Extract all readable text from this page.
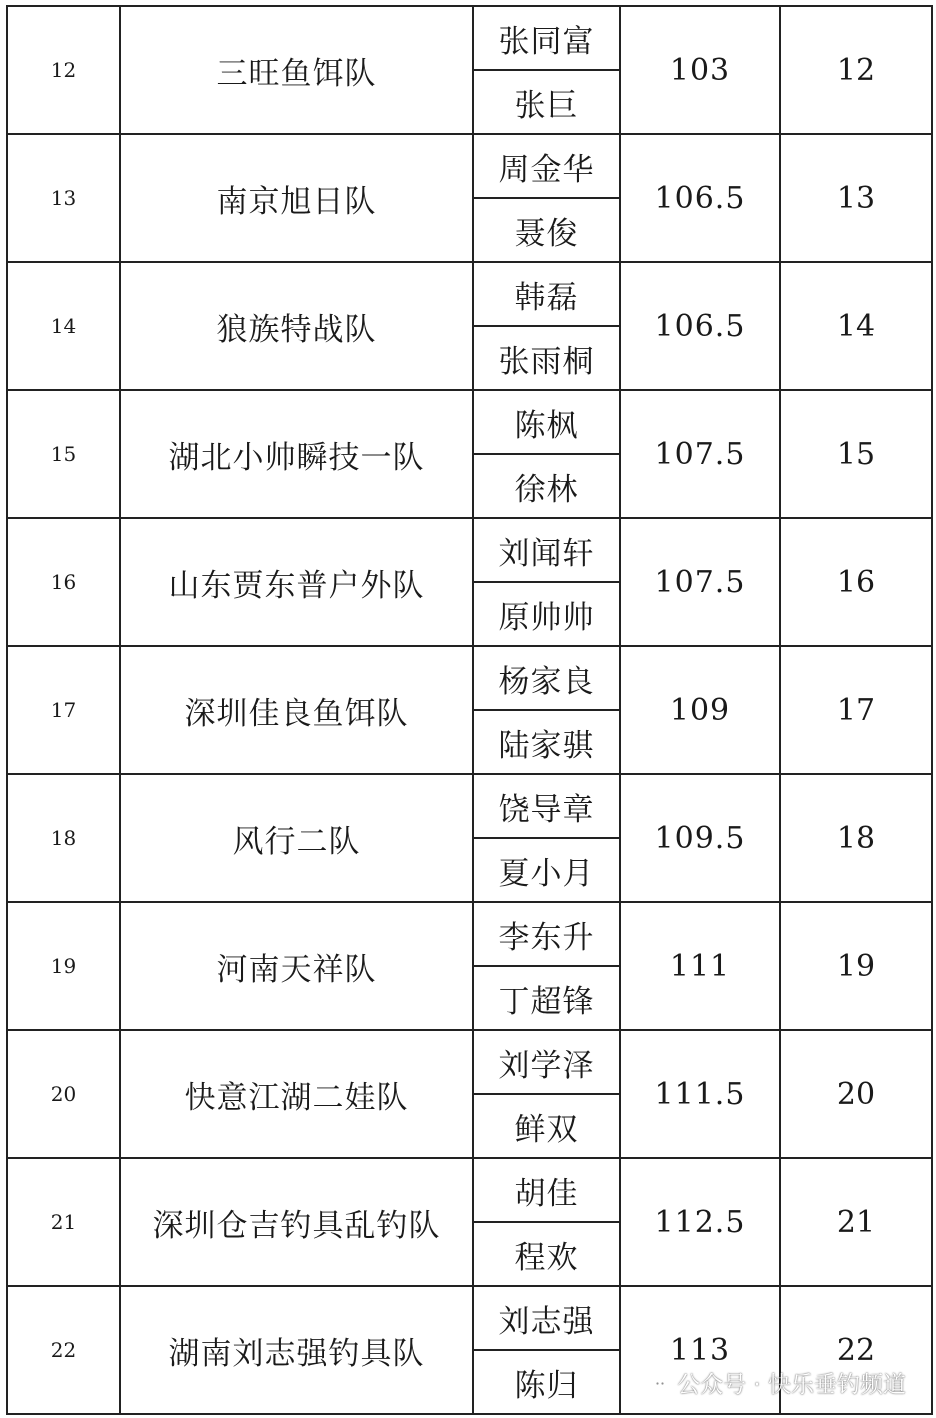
12	三旺鱼饵队	张同富	103	12
		张巨		
13	南京旭日队	周金华	106.5	13
		聂俊		
14	狼族特战队	韩磊	106.5	14
		张雨桐		
15	湖北小帅瞬技一队	陈枫	107.5	15
		徐林		
16	山东贾东普户外队	刘闻轩	107.5	16
		原帅帅		
17	深圳佳良鱼饵队	杨家良	109	17
		陆家骐		
18	风行二队	饶导章	109.5	18
		夏小月		
19	河南天祥队	李东升	111	19
		丁超锋		
20	快意江湖二娃队	刘学泽	111.5	20
		鲜双		
21	深圳仓吉钓具乱钓队	胡佳	112.5	21
		程欢		
22	湖南刘志强钓具队	刘志强	113	22
		陈归			公众号 · 快乐垂钓频道
